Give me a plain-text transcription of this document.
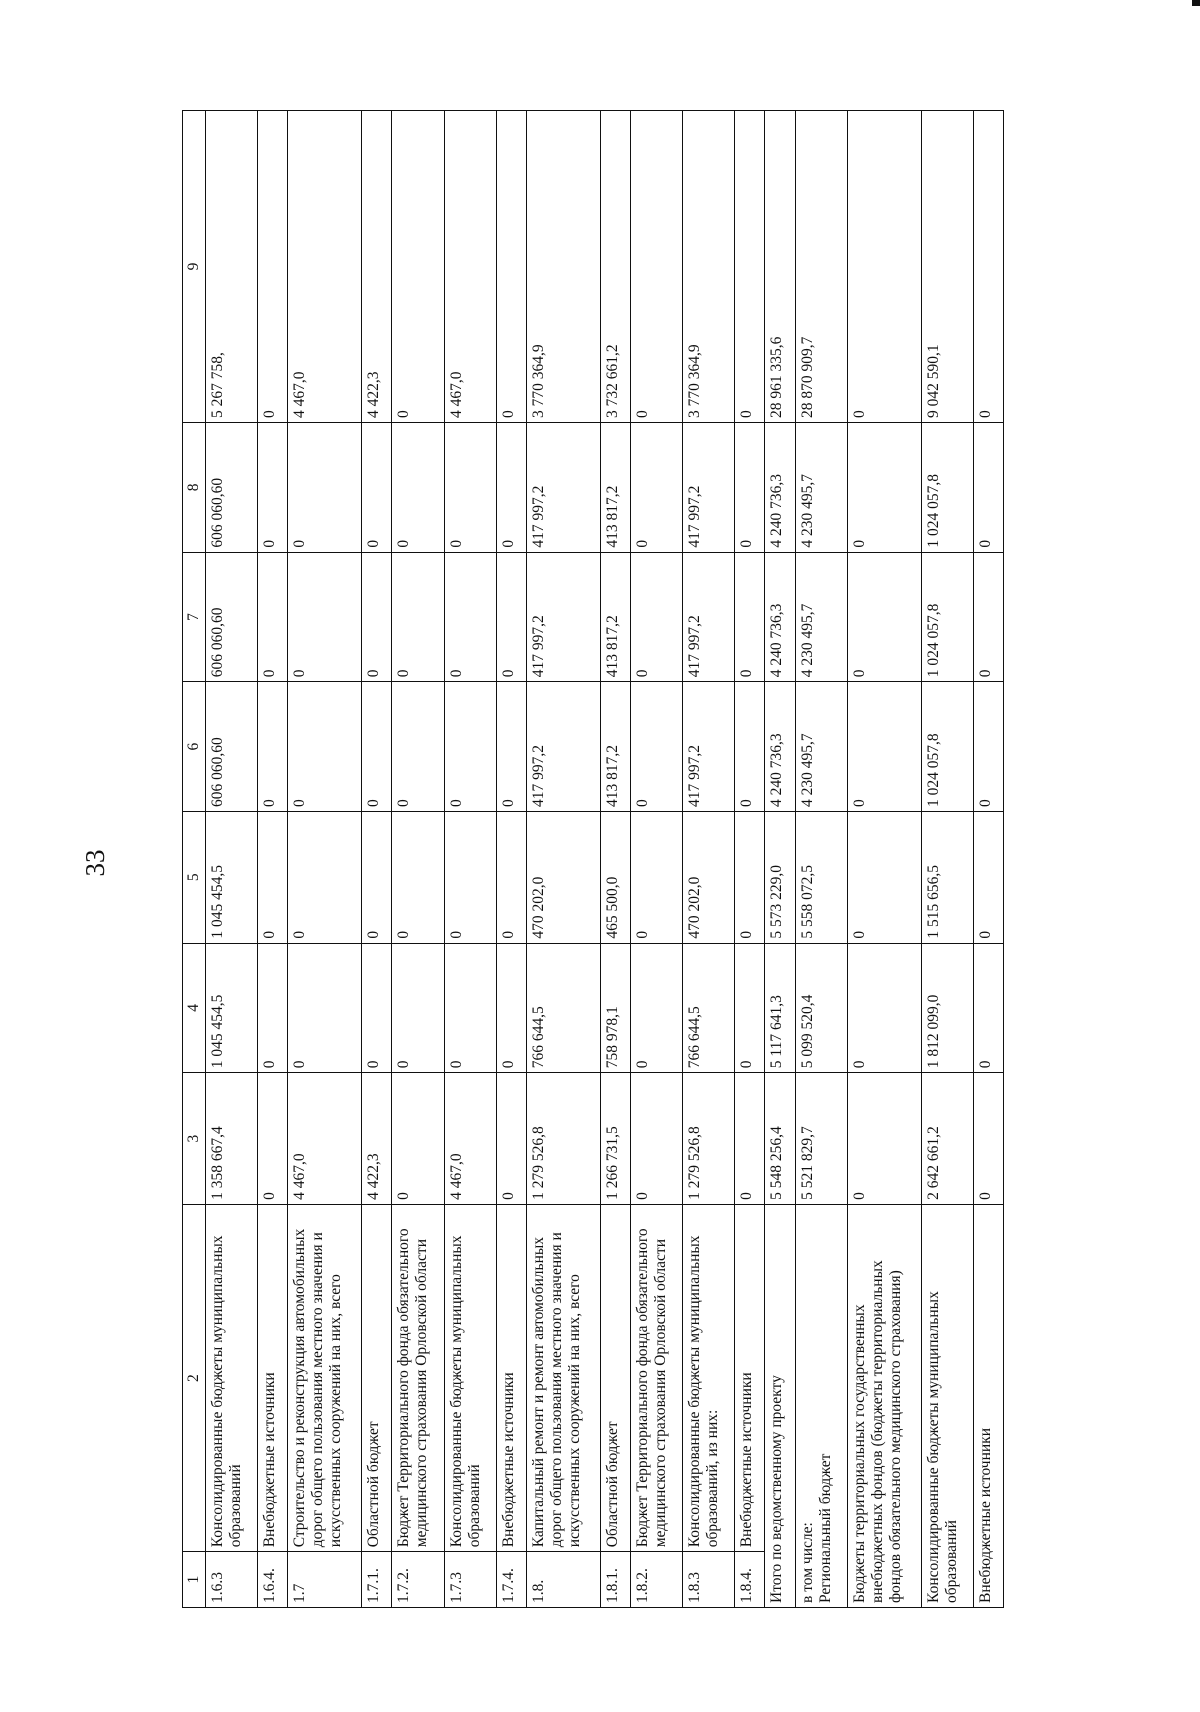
33
1	2	3	4	5	6	7	8	9
1.6.3	Консолидированные бюджеты муниципальных образований	1 358 667,4	1 045 454,5	1 045 454,5	606 060,60	606 060,60	606 060,60	5 267 758,
1.6.4.	Внебюджетные источники	0	0	0	0	0	0	0
1.7	Строительство и реконструкция автомобильных дорог общего пользования местного значения и искусственных сооружений на них, всего	4 467,0	0	0	0	0	0	4 467,0
1.7.1.	Областной бюджет	4 422,3	0	0	0	0	0	4 422,3
1.7.2.	Бюджет Территориального фонда обязательного медицинского страхования Орловской области	0	0	0	0	0	0	0
1.7.3	Консолидированные бюджеты муниципальных образований	4 467,0	0	0	0	0	0	4 467,0
1.7.4.	Внебюджетные источники	0	0	0	0	0	0	0
1.8.	Капитальный ремонт и ремонт автомобильных дорог общего пользования местного значения и искусственных сооружений на них, всего	1 279 526,8	766 644,5	470 202,0	417 997,2	417 997,2	417 997,2	3 770 364,9
1.8.1.	Областной бюджет	1 266 731,5	758 978,1	465 500,0	413 817,2	413 817,2	413 817,2	3 732 661,2
1.8.2.	Бюджет Территориального фонда обязательного медицинского страхования Орловской области	0	0	0	0	0	0	0
1.8.3	Консолидированные бюджеты муниципальных образований, из них:	1 279 526,8	766 644,5	470 202,0	417 997,2	417 997,2	417 997,2	3 770 364,9
1.8.4.	Внебюджетные источники	0	0	0	0	0	0	0
Итого по ведомственному проекту		5 548 256,4	5 117 641,3	5 573 229,0	4 240 736,3	4 240 736,3	4 240 736,3	28 961 335,6
в том числе:
Региональный бюджет		5 521 829,7	5 099 520,4	5 558 072,5	4 230 495,7	4 230 495,7	4 230 495,7	28 870 909,7
Бюджеты территориальных государственных внебюджетных фондов (бюджеты территориальных фондов обязательного медицинского страхования)		0	0	0	0	0	0	0
Консолидированные бюджеты муниципальных образований		2 642 661,2	1 812 099,0	1 515 656,5	1 024 057,8	1 024 057,8	1 024 057,8	9 042 590,1
Внебюджетные источники		0	0	0	0	0	0	0
